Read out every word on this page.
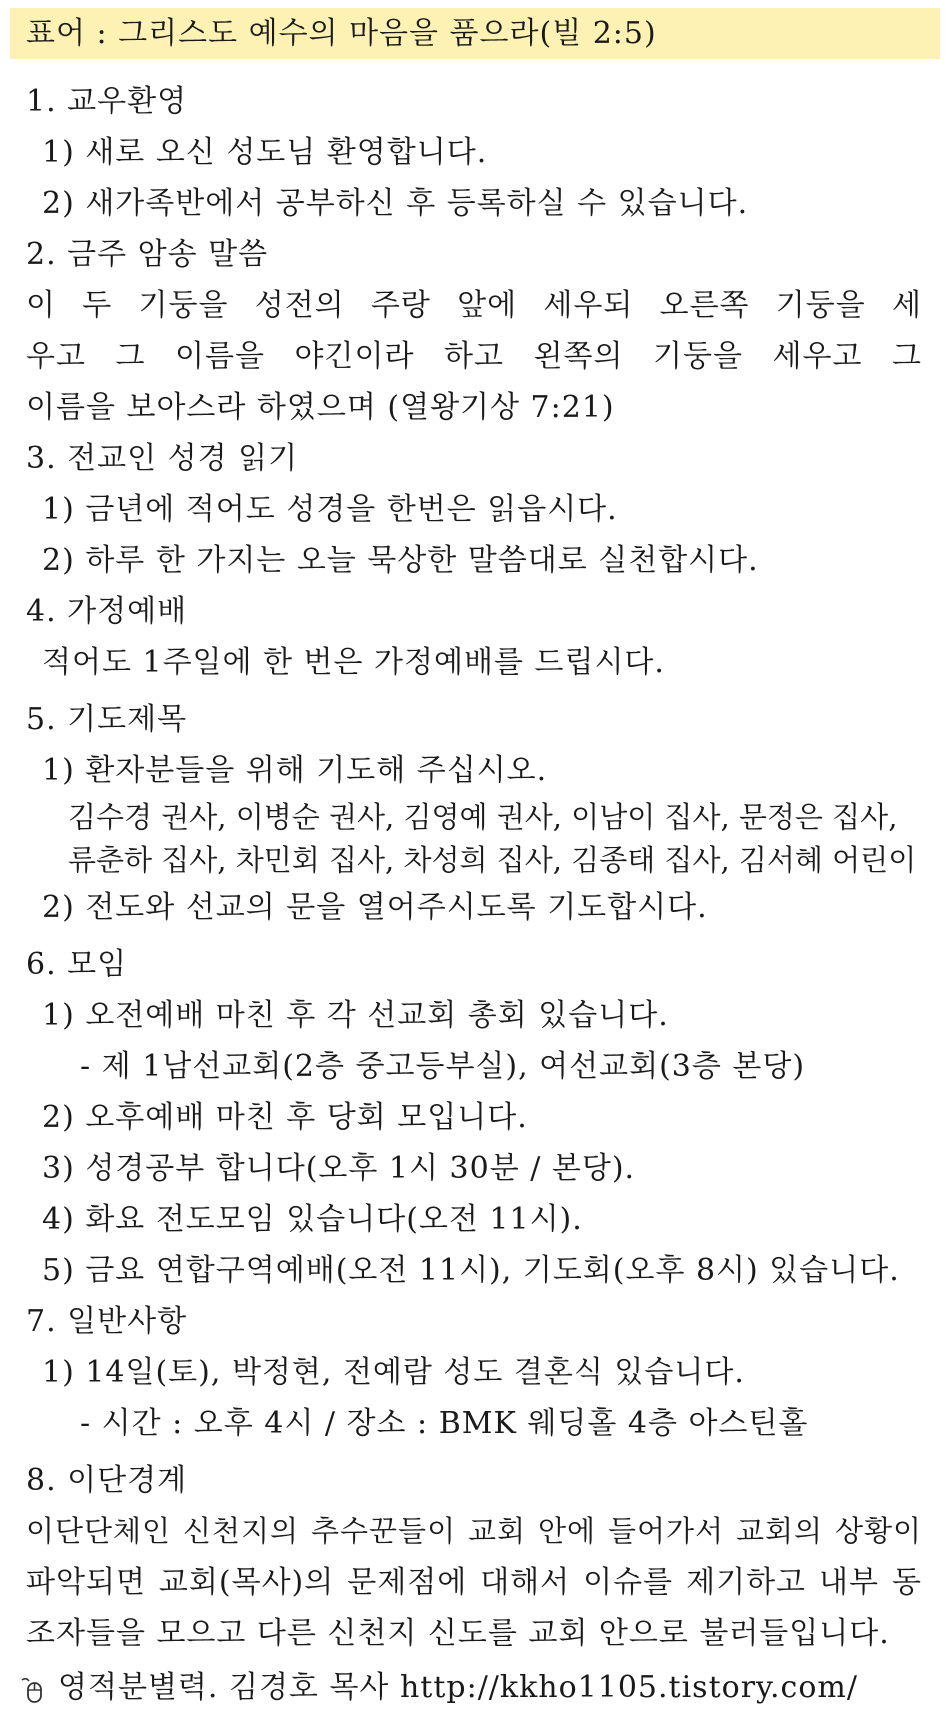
표어 : 그리스도 예수의 마음을 품으라(빌 2:5)
1. 교우환영
1) 새로 오신 성도님 환영합니다.
2) 새가족반에서 공부하신 후 등록하실 수 있습니다.
2. 금주 암송 말씀
이 두 기둥을 성전의 주랑 앞에 세우되 오른쪽 기둥을 세
우고 그 이름을 야긴이라 하고 왼쪽의 기둥을 세우고 그
이름을 보아스라 하였으며 (열왕기상 7:21)
3. 전교인 성경 읽기
1) 금년에 적어도 성경을 한번은 읽읍시다.
2) 하루 한 가지는 오늘 묵상한 말씀대로 실천합시다.
4. 가정예배
적어도 1주일에 한 번은 가정예배를 드립시다.
5. 기도제목
1) 환자분들을 위해 기도해 주십시오.
김수경 권사, 이병순 권사, 김영예 권사, 이남이 집사, 문정은 집사,
류춘하 집사, 차민회 집사, 차성희 집사, 김종태 집사, 김서혜 어린이
2) 전도와 선교의 문을 열어주시도록 기도합시다.
6. 모임
1) 오전예배 마친 후 각 선교회 총회 있습니다.
- 제 1남선교회(2층 중고등부실), 여선교회(3층 본당)
2) 오후예배 마친 후 당회 모입니다.
3) 성경공부 합니다(오후 1시 30분 / 본당).
4) 화요 전도모임 있습니다(오전 11시).
5) 금요 연합구역예배(오전 11시), 기도회(오후 8시) 있습니다.
7. 일반사항
1) 14일(토), 박정현, 전예람 성도 결혼식 있습니다.
- 시간 : 오후 4시 / 장소 : BMK 웨딩홀 4층 아스틴홀
8. 이단경계
이단단체인 신천지의 추수꾼들이 교회 안에 들어가서 교회의 상황이
파악되면 교회(목사)의 문제점에 대해서 이슈를 제기하고 내부 동
조자들을 모으고 다른 신천지 신도를 교회 안으로 불러들입니다.
영적분별력. 김경호 목사 http://kkho1105.tistory.com/
